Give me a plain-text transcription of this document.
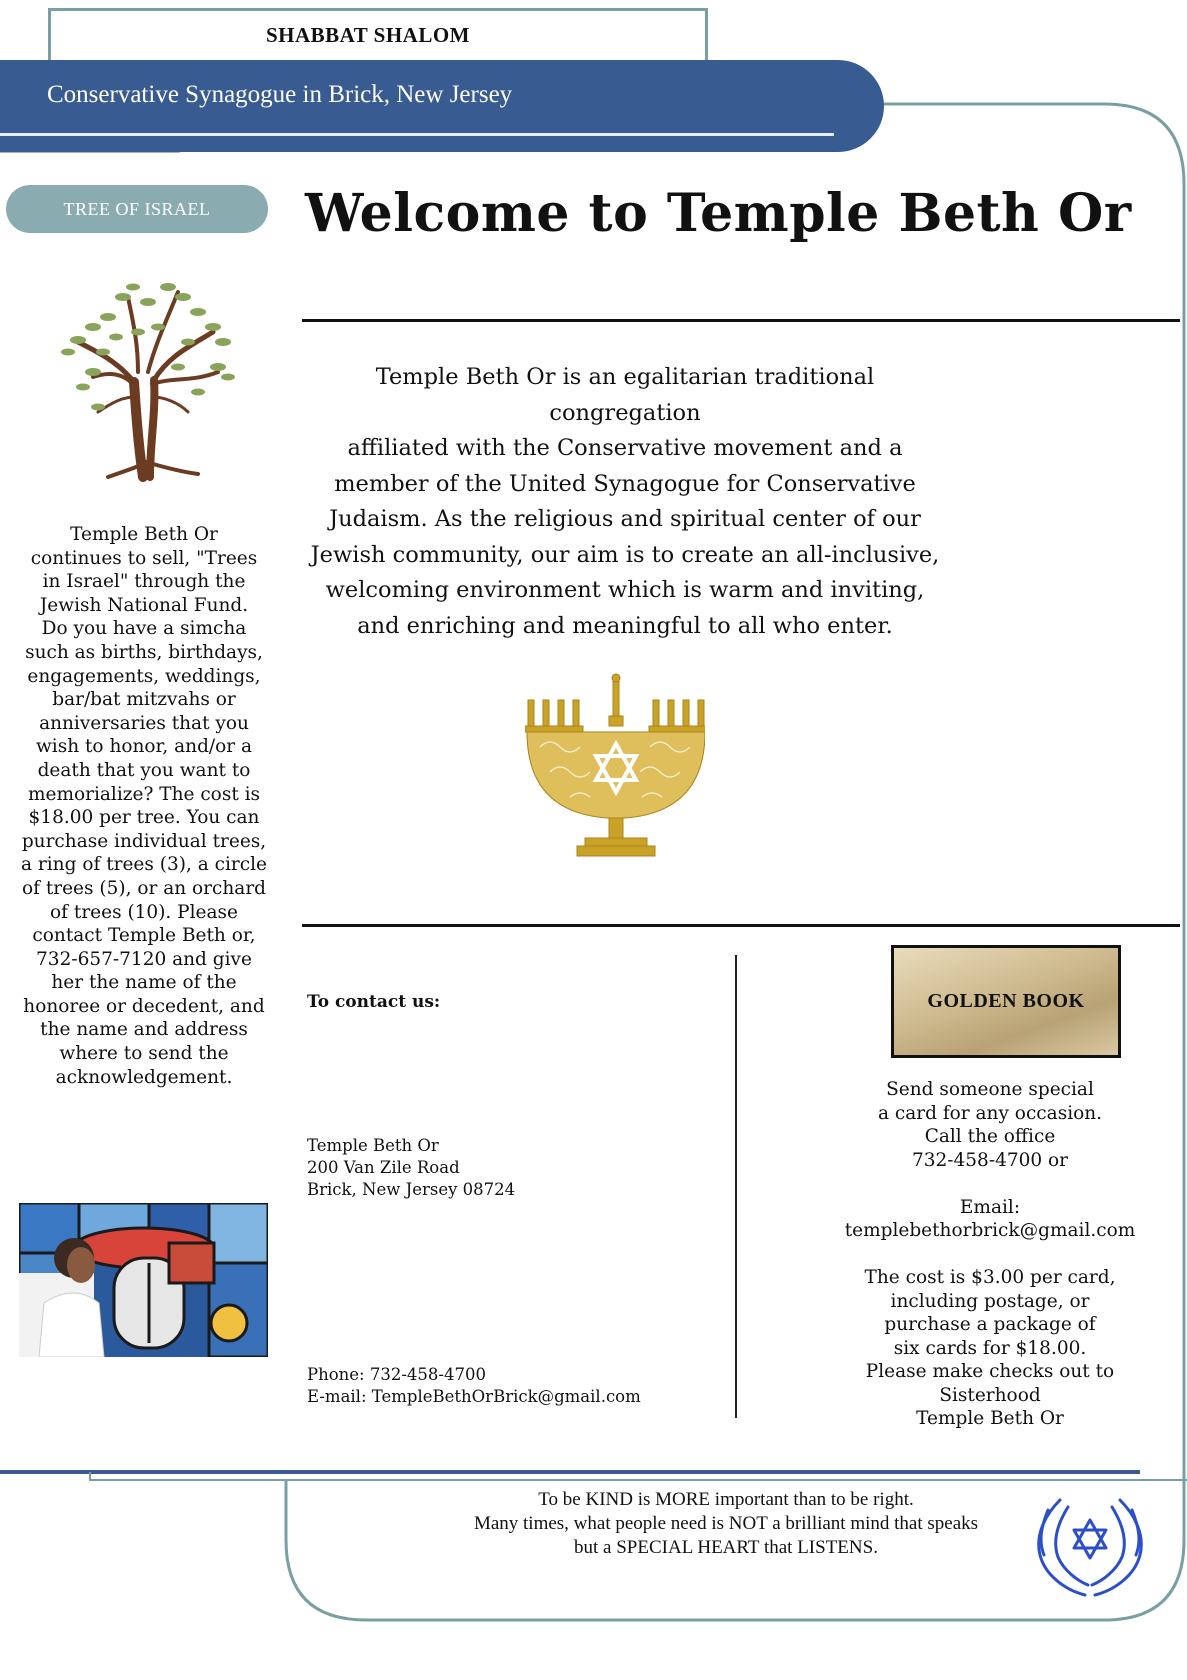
SHABBAT SHALOM
Conservative Synagogue in Brick, New Jersey
TREE OF ISRAEL
Temple Beth Or
continues to sell, "Trees
in Israel" through the
Jewish National Fund.
Do you have a simcha
such as births, birthdays,
engagements, weddings,
bar/bat mitzvahs or
anniversaries that you
wish to honor, and/or a
death that you want to
memorialize? The cost is
$18.00 per tree. You can
purchase individual trees,
a ring of trees (3), a circle
of trees (5), or an orchard
of trees (10). Please
contact Temple Beth or,
732-657-7120 and give
her the name of the
honoree or decedent, and
the name and address
where to send the
acknowledgement.
Welcome to Temple Beth Or
Temple Beth Or is an egalitarian traditional congregation
affiliated with the Conservative movement and a
member of the United Synagogue for Conservative
Judaism. As the religious and spiritual center of our
Jewish community, our aim is to create an all-inclusive,
welcoming environment which is warm and inviting,
and enriching and meaningful to all who enter.
To contact us:
Temple Beth Or
200 Van Zile Road
Brick, New Jersey 08724
Phone: 732-458-4700
E-mail: TempleBethOrBrick@gmail.com
GOLDEN BOOK
Send someone special
a card for any occasion.
Call the office
732-458-4700 or

Email:
templebethorbrick@gmail.com

The cost is $3.00 per card,
including postage, or
purchase a package of
six cards for $18.00.
Please make checks out to
Sisterhood
Temple Beth Or
To be KIND is MORE important than to be right.
Many times, what people need is NOT a brilliant mind that speaks
but a SPECIAL HEART that LISTENS.
